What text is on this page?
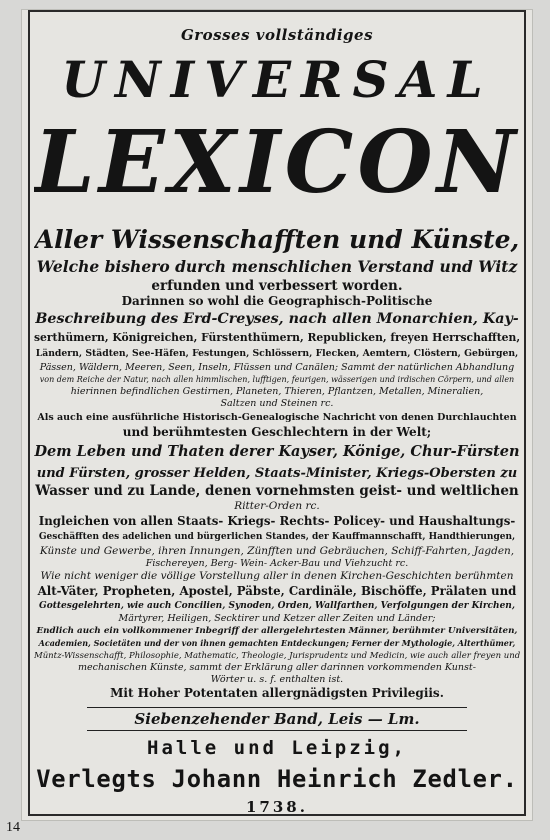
Grosses vollständiges
UNIVERSAL
LEXICON
Aller Wissenschafften und Künste,
Welche bishero durch menschlichen Verstand und Witz
erfunden und verbessert worden.
Darinnen so wohl die Geographisch-Politische
Beschreibung des Erd-Creyses, nach allen Monarchien, Kay-
serthümern, Königreichen, Fürstenthümern, Republicken, freyen Herrschafften,
Ländern, Städten, See-Häfen, Festungen, Schlössern, Flecken, Aemtern, Clöstern, Gebürgen,
Pässen, Wäldern, Meeren, Seen, Inseln, Flüssen und Canälen; Sammt der natürlichen Abhandlung
von dem Reiche der Natur, nach allen himmlischen, lufftigen, feurigen, wässerigen und irdischen Cörpern, und allen
hierinnen befindlichen Gestirnen, Planeten, Thieren, Pflantzen, Metallen, Mineralien,
Saltzen und Steinen rc.
Als auch eine ausführliche Historisch-Genealogische Nachricht von denen Durchlauchten
und berühmtesten Geschlechtern in der Welt;
Dem Leben und Thaten derer Kayser, Könige, Chur-Fürsten
und Fürsten, grosser Helden, Staats-Minister, Kriegs-Obersten zu
Wasser und zu Lande, denen vornehmsten geist- und weltlichen
Ritter-Orden rc.
Ingleichen von allen Staats- Kriegs- Rechts- Policey- und Haushaltungs-
Geschäfften des adelichen und bürgerlichen Standes, der Kauffmannschafft, Handthierungen,
Künste und Gewerbe, ihren Innungen, Zünfften und Gebräuchen, Schiff-Fahrten, Jagden,
Fischereyen, Berg- Wein- Acker-Bau und Viehzucht rc.
Wie nicht weniger die völlige Vorstellung aller in denen Kirchen-Geschichten berühmten
Alt-Väter, Propheten, Apostel, Päbste, Cardinäle, Bischöffe, Prälaten und
Gottesgelehrten, wie auch Concilien, Synoden, Orden, Wallfarthen, Verfolgungen der Kirchen,
Märtyrer, Heiligen, Secktirer und Ketzer aller Zeiten und Länder;
Endlich auch ein vollkommener Inbegriff der allergelehrtesten Männer, berühmter Universitäten,
Academien, Societäten und der von ihnen gemachten Entdeckungen; Ferner der Mythologie, Alterthümer,
Müntz-Wissenschafft, Philosophie, Mathematic, Theologie, Jurisprudentz und Medicin, wie auch aller freyen und
mechanischen Künste, sammt der Erklärung aller darinnen vorkommenden Kunst-
Wörter u. s. f. enthalten ist.
Mit Hoher Potentaten allergnädigsten Privilegiis.
Siebenzehender Band, Leis — Lm.
Halle und Leipzig,
Verlegts Johann Heinrich Zedler.
1738.
14
